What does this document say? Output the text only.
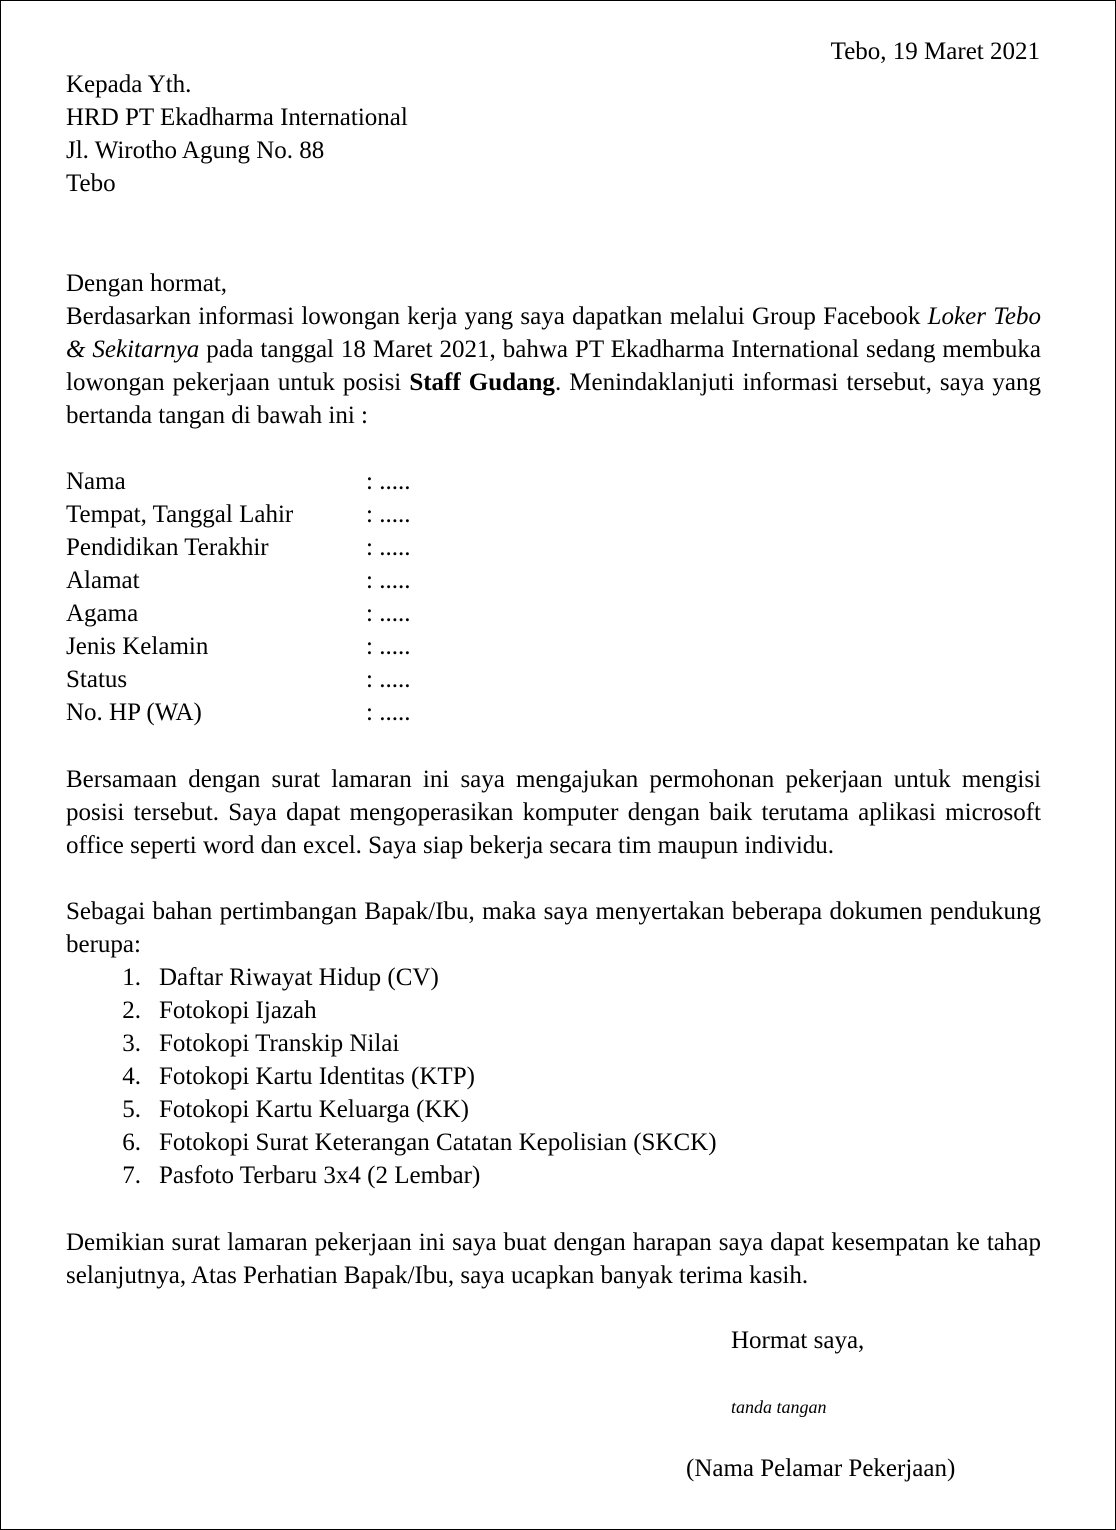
Tebo, 19 Maret 2021
Kepada Yth.
HRD PT Ekadharma International
Jl. Wirotho Agung No. 88
Tebo
Dengan hormat,

Berdasarkan informasi lowongan kerja yang saya dapatkan melalui Group Facebook Loker Tebo & Sekitarnya pada tanggal 18 Maret 2021, bahwa PT Ekadharma International sedang membuka lowongan pekerjaan untuk posisi Staff Gudang. Menindaklanjuti informasi tersebut, saya yang bertanda tangan di bawah ini :

Nama	: .....
Tempat, Tanggal Lahir	: .....
Pendidikan Terakhir	: .....
Alamat	: .....
Agama	: .....
Jenis Kelamin	: .....
Status	: .....
No. HP (WA)	: .....

Bersamaan dengan surat lamaran ini saya mengajukan permohonan pekerjaan untuk mengisi posisi tersebut. Saya dapat mengoperasikan komputer dengan baik terutama aplikasi microsoft office seperti word dan excel. Saya siap bekerja secara tim maupun individu.

Sebagai bahan pertimbangan Bapak/Ibu, maka saya menyertakan beberapa dokumen pendukung berupa:

1. Daftar Riwayat Hidup (CV)
2. Fotokopi Ijazah
3. Fotokopi Transkip Nilai
4. Fotokopi Kartu Identitas (KTP)
5. Fotokopi Kartu Keluarga (KK)
6. Fotokopi Surat Keterangan Catatan Kepolisian (SKCK)
7. Pasfoto Terbaru 3x4 (2 Lembar)

Demikian surat lamaran pekerjaan ini saya buat dengan harapan saya dapat kesempatan ke tahap selanjutnya, Atas Perhatian Bapak/Ibu, saya ucapkan banyak terima kasih.

Hormat saya,
tanda tangan
(Nama Pelamar Pekerjaan)
